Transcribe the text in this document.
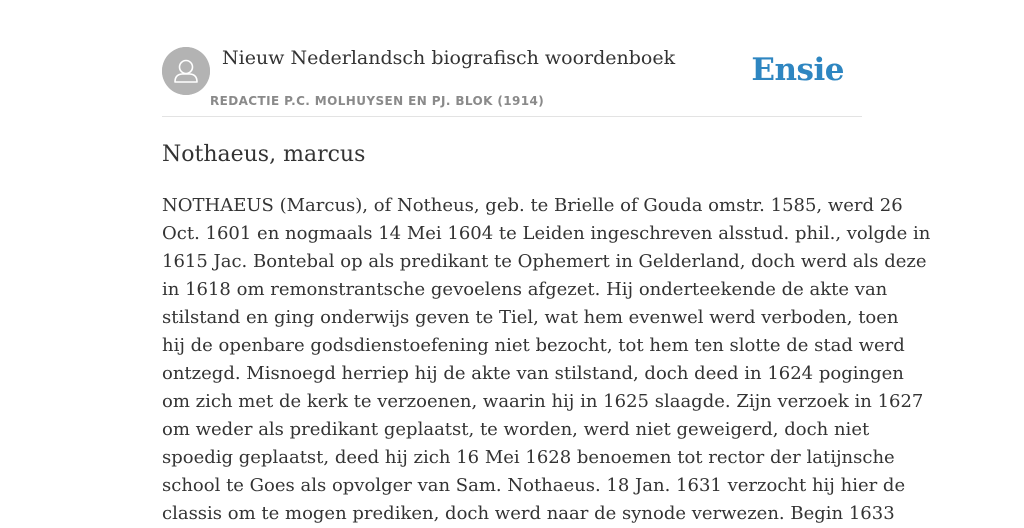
Nieuw Nederlandsch biografisch woordenboek
REDACTIE P.C. MOLHUYSEN EN PJ. BLOK (1914)
Ensie
Nothaeus, marcus

NOTHAEUS (Marcus), of Notheus, geb. te Brielle of Gouda omstr. 1585, werd 26
Oct. 1601 en nogmaals 14 Mei 1604 te Leiden ingeschreven alsstud. phil., volgde in
1615 Jac. Bontebal op als predikant te Ophemert in Gelderland, doch werd als deze
in 1618 om remonstrantsche gevoelens afgezet. Hij onderteekende de akte van
stilstand en ging onderwijs geven te Tiel, wat hem evenwel werd verboden, toen
hij de openbare godsdienstoefening niet bezocht, tot hem ten slotte de stad werd
ontzegd. Misnoegd herriep hij de akte van stilstand, doch deed in 1624 pogingen
om zich met de kerk te verzoenen, waarin hij in 1625 slaagde. Zijn verzoek in 1627
om weder als predikant geplaatst, te worden, werd niet geweigerd, doch niet
spoedig geplaatst, deed hij zich 16 Mei 1628 benoemen tot rector der latijnsche
school te Goes als opvolger van Sam. Nothaeus. 18 Jan. 1631 verzocht hij hier de
classis om te mogen prediken, doch werd naar de synode verwezen. Begin 1633
